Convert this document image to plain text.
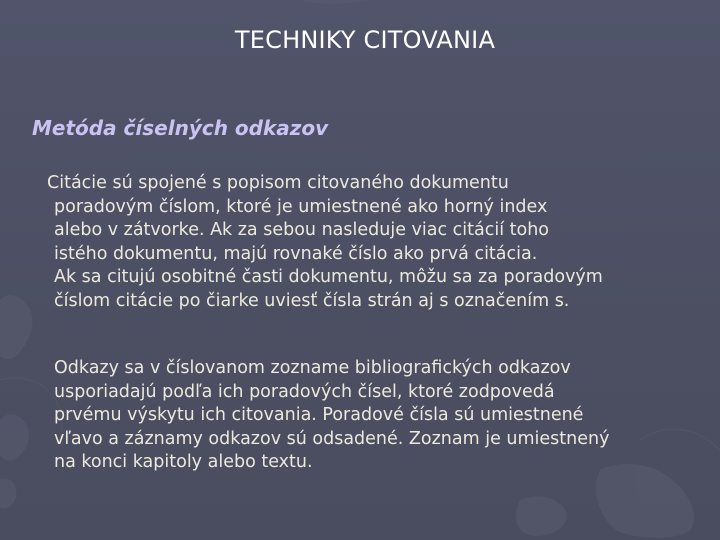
TECHNIKY CITOVANIA
Metóda číselných odkazov
Citácie sú spojené s popisom citovaného dokumentu
poradovým číslom, ktoré je umiestnené ako horný index
alebo v zátvorke. Ak za sebou nasleduje viac citácií toho
istého dokumentu, majú rovnaké číslo ako prvá citácia.
Ak sa citujú osobitné časti dokumentu, môžu sa za poradovým
číslom citácie po čiarke uviesť čísla strán aj s označením s.
Odkazy sa v číslovanom zozname bibliografických odkazov
usporiadajú podľa ich poradových čísel, ktoré zodpovedá
prvému výskytu ich citovania. Poradové čísla sú umiestnené
vľavo a záznamy odkazov sú odsadené. Zoznam je umiestnený
na konci kapitoly alebo textu.
